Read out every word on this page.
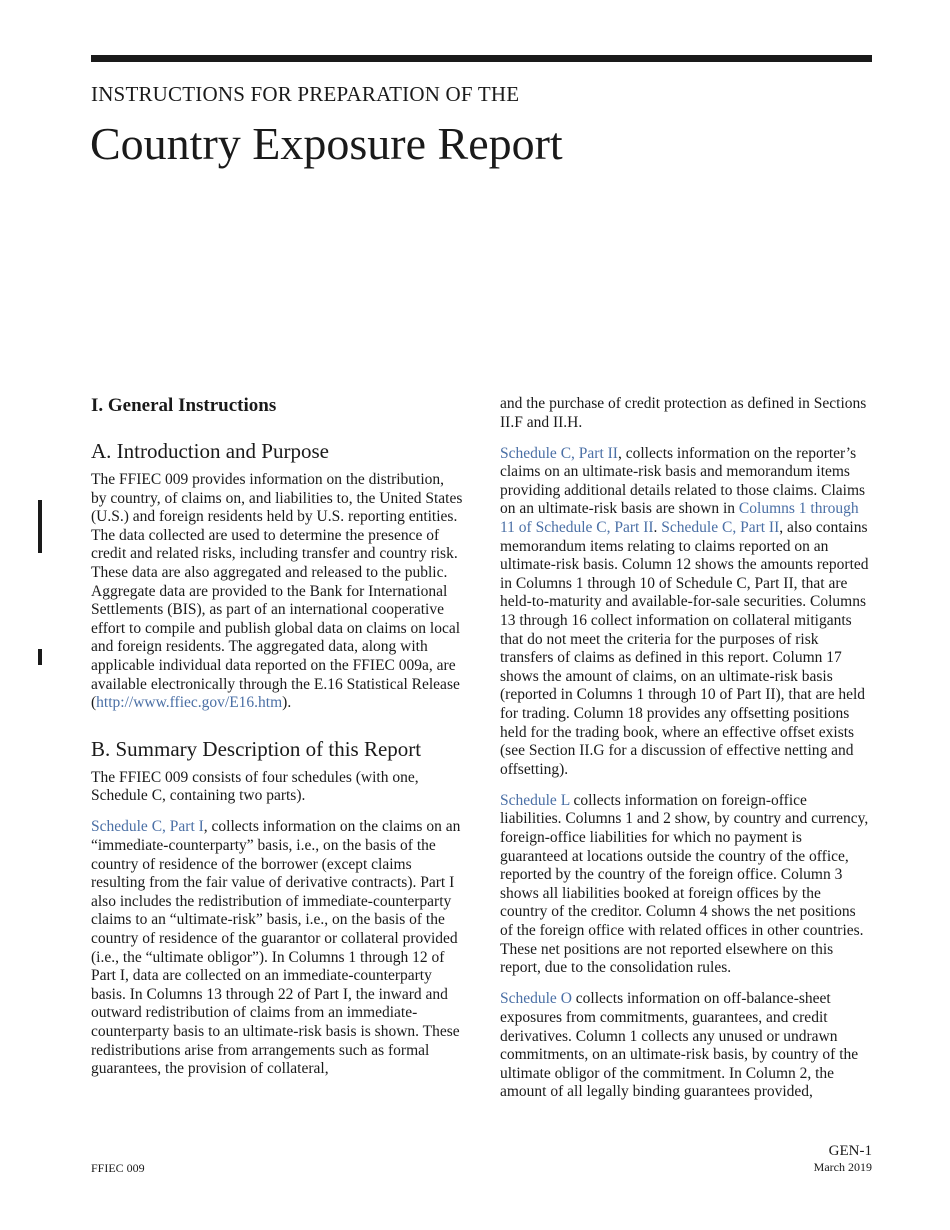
INSTRUCTIONS FOR PREPARATION OF THE
Country Exposure Report
I. General Instructions
A. Introduction and Purpose

The FFIEC 009 provides information on the distribution, by country, of claims on, and liabilities to, the United States (U.S.) and foreign residents held by U.S. reporting entities. The data collected are used to determine the presence of credit and related risks, including transfer and country risk. These data are also aggregated and released to the public. Aggregate data are provided to the Bank for International Settlements (BIS), as part of an international cooperative effort to compile and publish global data on claims on local and foreign residents. The aggregated data, along with applicable individual data reported on the FFIEC 009a, are available electronically through the E.16 Statistical Release (http://www.ffiec.gov/E16.htm).

B. Summary Description of this Report

The FFIEC 009 consists of four schedules (with one, Schedule C, containing two parts).

Schedule C, Part I, collects information on the claims on an “immediate-counterparty” basis, i.e., on the basis of the country of residence of the borrower (except claims resulting from the fair value of derivative contracts). Part I also includes the redistribution of immediate-counterparty claims to an “ultimate-risk” basis, i.e., on the basis of the country of residence of the guarantor or collateral provided (i.e., the “ultimate obligor”). In Columns 1 through 12 of Part I, data are collected on an immediate-counterparty basis. In Columns 13 through 22 of Part I, the inward and outward redistribution of claims from an immediate-counterparty basis to an ultimate-risk basis is shown. These redistributions arise from arrangements such as formal guarantees, the provision of collateral,

and the purchase of credit protection as defined in Sections II.F and II.H.

Schedule C, Part II, collects information on the reporter’s claims on an ultimate-risk basis and memorandum items providing additional details related to those claims. Claims on an ultimate-risk basis are shown in Columns 1 through 11 of Schedule C, Part II. Schedule C, Part II, also contains memorandum items relating to claims reported on an ultimate-risk basis. Column 12 shows the amounts reported in Columns 1 through 10 of Schedule C, Part II, that are held-to-maturity and available-for-sale securities. Columns 13 through 16 collect information on collateral mitigants that do not meet the criteria for the purposes of risk transfers of claims as defined in this report. Column 17 shows the amount of claims, on an ultimate-risk basis (reported in Columns 1 through 10 of Part II), that are held for trading. Column 18 provides any offsetting positions held for the trading book, where an effective offset exists (see Section II.G for a discussion of effective netting and offsetting).

Schedule L collects information on foreign-office liabilities. Columns 1 and 2 show, by country and currency, foreign-office liabilities for which no payment is guaranteed at locations outside the country of the office, reported by the country of the foreign office. Column 3 shows all liabilities booked at foreign offices by the country of the creditor. Column 4 shows the net positions of the foreign office with related offices in other countries. These net positions are not reported elsewhere on this report, due to the consolidation rules.

Schedule O collects information on off-balance-sheet exposures from commitments, guarantees, and credit derivatives. Column 1 collects any unused or undrawn commitments, on an ultimate-risk basis, by country of the ultimate obligor of the commitment. In Column 2, the amount of all legally binding guarantees provided,

FFIEC 009
GEN-1
March 2019
